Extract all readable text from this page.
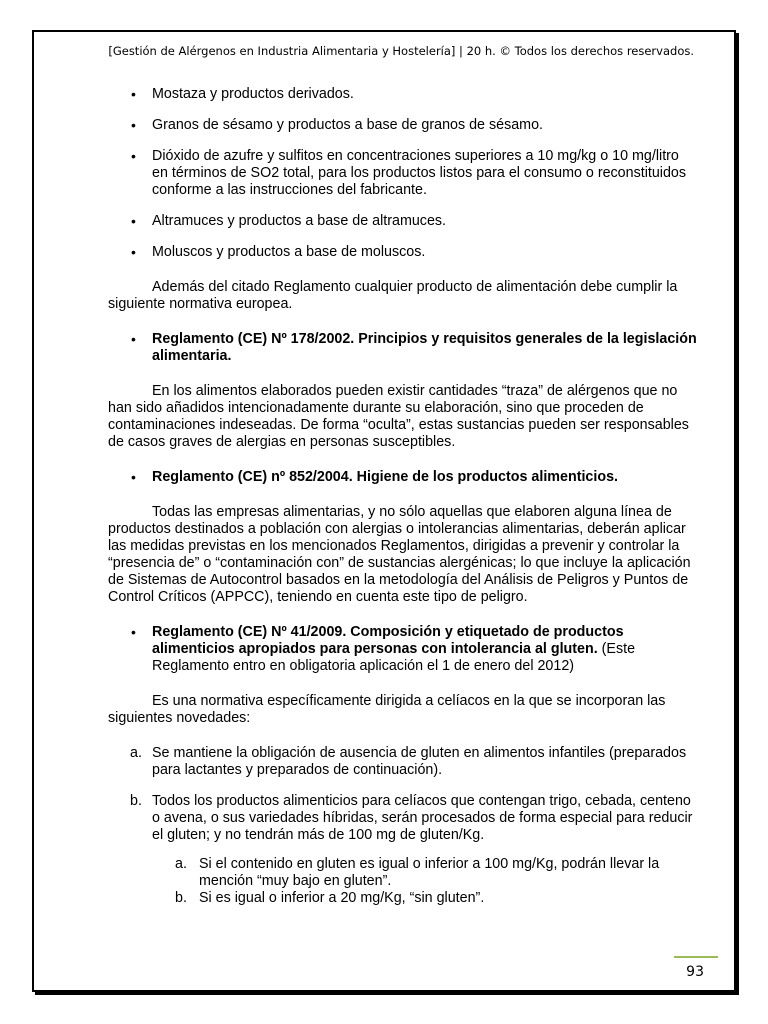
[Gestión de Alérgenos en Industria Alimentaria y Hostelería] | 20 h. © Todos los derechos reservados.
• Mostaza y productos derivados.
• Granos de sésamo y productos a base de granos de sésamo.
• Dióxido de azufre y sulfitos en concentraciones superiores a 10 mg/kg o 10 mg/litro en términos de SO2 total, para los productos listos para el consumo o reconstituidos conforme a las instrucciones del fabricante.
• Altramuces y productos a base de altramuces.
• Moluscos y productos a base de moluscos.

Además del citado Reglamento cualquier producto de alimentación debe cumplir la siguiente normativa europea.

• Reglamento (CE) Nº 178/2002. Principios y requisitos generales de la legislación alimentaria.

En los alimentos elaborados pueden existir cantidades “traza” de alérgenos que no han sido añadidos intencionadamente durante su elaboración, sino que proceden de contaminaciones indeseadas. De forma “oculta”, estas sustancias pueden ser responsables de casos graves de alergias en personas susceptibles.

• Reglamento (CE) nº 852/2004. Higiene de los productos alimenticios.

Todas las empresas alimentarias, y no sólo aquellas que elaboren alguna línea de productos destinados a población con alergias o intolerancias alimentarias, deberán aplicar las medidas previstas en los mencionados Reglamentos, dirigidas a prevenir y controlar la “presencia de” o “contaminación con” de sustancias alergénicas; lo que incluye la aplicación de Sistemas de Autocontrol basados en la metodología del Análisis de Peligros y Puntos de Control Críticos (APPCC), teniendo en cuenta este tipo de peligro.

• Reglamento (CE) Nº 41/2009. Composición y etiquetado de productos alimenticios apropiados para personas con intolerancia al gluten. (Este Reglamento entro en obligatoria aplicación el 1 de enero del 2012)

Es una normativa específicamente dirigida a celíacos en la que se incorporan las siguientes novedades:

a. Se mantiene la obligación de ausencia de gluten en alimentos infantiles (preparados para lactantes y preparados de continuación).
b. Todos los productos alimenticios para celíacos que contengan trigo, cebada, centeno o avena, o sus variedades híbridas, serán procesados de forma especial para reducir el gluten; y no tendrán más de 100 mg de gluten/Kg.
a. Si el contenido en gluten es igual o inferior a 100 mg/Kg, podrán llevar la mención “muy bajo en gluten”.
b. Si es igual o inferior a 20 mg/Kg, “sin gluten”.
93
